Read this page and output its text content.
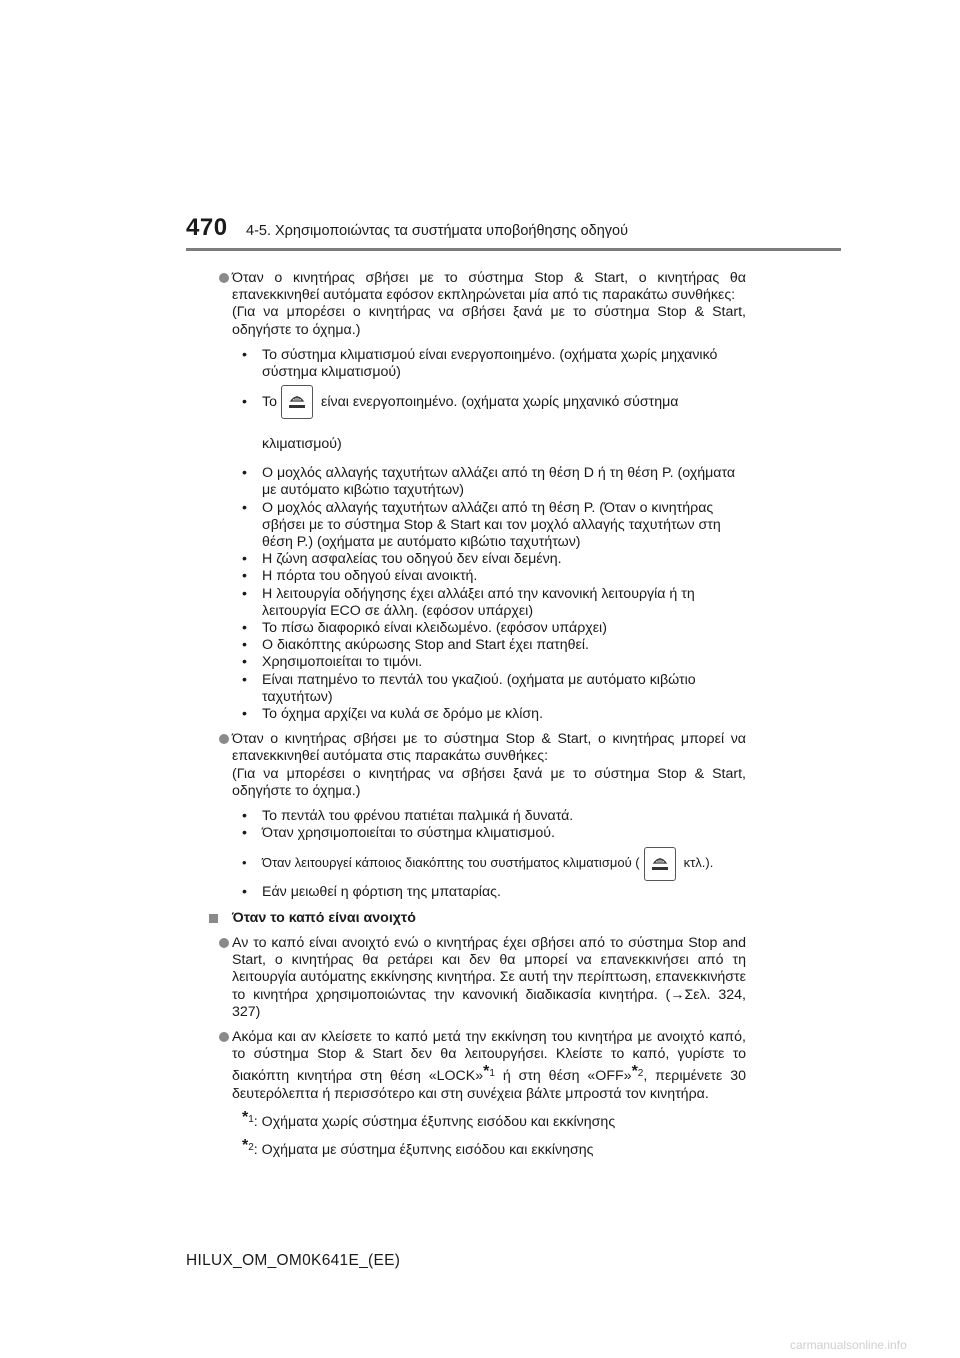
470 4-5. Χρησιμοποιώντας τα συστήματα υποβοήθησης οδηγού

Όταν ο κινητήρας σβήσει με το σύστημα Stop & Start, ο κινητήρας θα επανεκκινηθεί αυτόματα εφόσον εκπληρώνεται μία από τις παρακάτω συνθήκες:

(Για να μπορέσει ο κινητήρας να σβήσει ξανά με το σύστημα Stop & Start, οδηγήστε το όχημα.)

• Το σύστημα κλιματισμού είναι ενεργοποιημένο. (οχήματα χωρίς μηχανικό σύστημα κλιματισμού)
• Το	είναι ενεργοποιημένο. (οχήματα χωρίς μηχανικό σύστημα κλιματισμού)
• Ο μοχλός αλλαγής ταχυτήτων αλλάζει από τη θέση D ή τη θέση P. (οχήματα με αυτόματο κιβώτιο ταχυτήτων)
• Ο μοχλός αλλαγής ταχυτήτων αλλάζει από τη θέση P. (Όταν ο κινητήρας σβήσει με το σύστημα Stop & Start και τον μοχλό αλλαγής ταχυτήτων στη θέση P.) (οχήματα με αυτόματο κιβώτιο ταχυτήτων)
• Η ζώνη ασφαλείας του οδηγού δεν είναι δεμένη.
• Η πόρτα του οδηγού είναι ανοικτή.
• Η λειτουργία οδήγησης έχει αλλάξει από την κανονική λειτουργία ή τη λειτουργία ECO σε άλλη. (εφόσον υπάρχει)
• Το πίσω διαφορικό είναι κλειδωμένο. (εφόσον υπάρχει)
• Ο διακόπτης ακύρωσης Stop and Start έχει πατηθεί.
• Χρησιμοποιείται το τιμόνι.
• Είναι πατημένο το πεντάλ του γκαζιού. (οχήματα με αυτόματο κιβώτιο ταχυτήτων)
• Το όχημα αρχίζει να κυλά σε δρόμο με κλίση.

Όταν ο κινητήρας σβήσει με το σύστημα Stop & Start, ο κινητήρας μπορεί να επανεκκινηθεί αυτόματα στις παρακάτω συνθήκες:

(Για να μπορέσει ο κινητήρας να σβήσει ξανά με το σύστημα Stop & Start, οδηγήστε το όχημα.)

• Το πεντάλ του φρένου πατιέται παλμικά ή δυνατά.
• Όταν χρησιμοποιείται το σύστημα κλιματισμού.
• Όταν λειτουργεί κάποιος διακόπτης του συστήματος κλιματισμού (	κτλ.).
• Εάν μειωθεί η φόρτιση της μπαταρίας.
Όταν το καπό είναι ανοιχτό

Αν το καπό είναι ανοιχτό ενώ ο κινητήρας έχει σβήσει από το σύστημα Stop and Start, ο κινητήρας θα ρετάρει και δεν θα μπορεί να επανεκκινήσει από τη λειτουργία αυτόματης εκκίνησης κινητήρα. Σε αυτή την περίπτωση, επανεκκινήστε το κινητήρα χρησιμοποιώντας την κανονική διαδικασία κινητήρα. (→Σελ. 324, 327)

Ακόμα και αν κλείσετε το καπό μετά την εκκίνηση του κινητήρα με ανοιχτό καπό, το σύστημα Stop & Start δεν θα λειτουργήσει. Κλείστε το καπό, γυρίστε το διακόπτη κινητήρα στη θέση «LOCK»$^{*1}$ ή στη θέση «OFF»$^{*2}$, περιμένετε 30 δευτερόλεπτα ή περισσότερο και στη συνέχεια βάλτε μπροστά τον κινητήρα.

$^{*1}$: Οχήματα χωρίς σύστημα έξυπνης εισόδου και εκκίνησης
$^{*2}$: Οχήματα με σύστημα έξυπνης εισόδου και εκκίνησης
HILUX_OM_OM0K641E_(EE)
carmanualsonline.info
